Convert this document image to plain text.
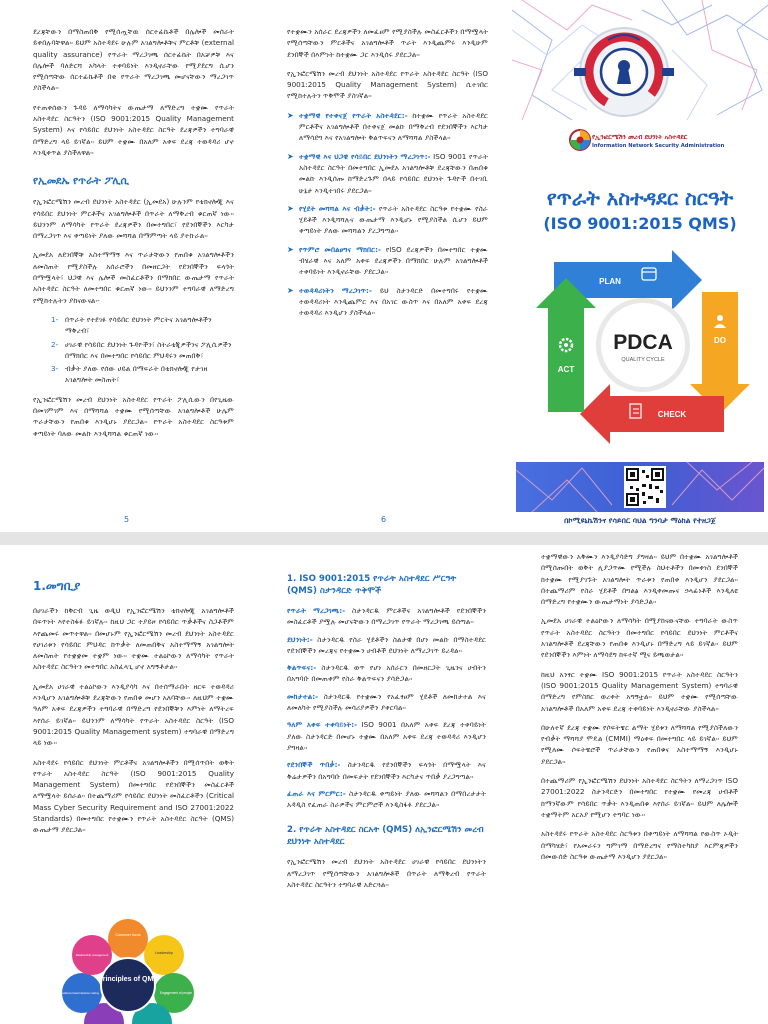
ደረጃቸውን በማስጠበቅ የሚሰጧቸዉ ሰርተፊኬቶች በሌሎች መሰራት ይቀበሉባቸዋል፡፡ ይህም አስተዳደሩ ሁሉም አገልግሎቶቹና ምርቶቹ (external quality assurance) የጥራት ማረጋገጫ ሰርተፊኬት በአቻዎቹ እና በሌሎች ባለድርሻ አካላት ተቀባይነት እንዲኖራቸው የሚያደርግ ሲሆን የሚሰጣቸው ሰርተፊኬቶች በቂ የጥራት ማረጋገጫ መሆናቸውን ማረጋገጥ ያስችላል፡፡

የተጠቀሰውን ጉዳይ ለማሳካትና ውጤታማ ለማድረግ ተቋሙ የጥራት አስተዳደር ስርዓትን (ISO 9001:2015 Quality Management System) እና የሳይበር ደህንነት አስተዳደር ስርዓት ደረጃዎችን ተግባራዊ በማድረግ ላይ ይገኛል፡፡ ይህም ተቋሙ በአለም አቀፍ ደረጃ ተወዳዳሪ ሆኖ እንዲቀጥል ያስችለዋል፡፡

የኢመደኤ የጥራት ፖሊሲ

የኢንፎርሜሽን መረብ ደህንነት አስተዳደር (ኢመደአ) ሁሉንም የቴክኖሎጂ እና የሳይበር ደህንነት ምርቶችና አገልግሎቶች በጥራት ለማቅረብ ቁርጠኛ ነው፡፡ ይህንንም ለማሳካት የጥራት ደረጃዎችን በመተግበር፣ የደንበኞችን እርካታ በማረጋገጥ እና ቀጣይነት ያለው መሻሻል በማምጣት ላይ ያተኩራል፡፡

ኢመደአ ለደንበኞቹ አስተማማኝ እና ጥራታቸውን የጠበቁ አገልግሎቶችን ለመስጠት የሚያስችሉ አሰራሮችን በመዘርጋት የደንበኞችን ፍላጎት በማሟላት፣ ህጋዊ እና ሌሎች መስፈርቶችን በማክበር ውጤታማ የጥራት አስተዳደር ስርዓት ለመተግበር ቁርጠኛ ነው፡፡ ይህንንም ተግባራዊ ለማድረግ የሚከተሉትን ያከናውናል፡-

1- በጥራት የተደገፉ የሳይበር ደህንነት ምርትና አገልግሎቶችን ማቅረብ፣
2- ሀገራዊ የሳይበር ደህንነት ጉዳዮችን፣ ስትራቴጂዎችንና ፖሊሲዎችን በማክበር እና በመተግበር የሳይበር ምህዳሩን መጠበቅ፣
3- ብቃት ያለው የሰው ሀይል በማፍራት በቴክኖሎጂ የታገዘ አገልግሎት መስጠት፣

የኢንፎርሜሽን መረብ ደህንነት አስተዳደር የጥራት ፖሊሲውን በየጊዜው በመገምገም እና በማሻሻል ተቋሙ የሚሰጣቸው አገልግሎቶች ሁሌም ጥራታቸውን የጠበቁ እንዲሆኑ ያደርጋል፡፡ የጥራት አስተዳደር ስርዓቱም ቀጣይነት ባለው መልኩ እንዲሻሻል ቁርጠኛ ነው፡፡

5

የተቋሙን አሰራር ደረጃዎችን ለመፈፀም የሚያስችሉ መስፈርቶችን በማሟላት የሚሰጣቸውን ምርቶችና አገልግሎቶች ጥራት እንዲጨምሩ እንዲሁም ደንበኞች በእምነት ከተቋሙ ጋር እንዲሰሩ ያደርጋል፡፡

የኢንፎርሜሽን መረብ ደህንነት አስተዳደር የጥራት አስተዳደር ስርዓት (ISO 9001:2015 Quality Management System) ሲተገበር የሚከተሉትን ጥቅሞች ያስገኛል፡፡

➤ ተቋማዊ የተቀናጀ የጥራት አስተዳደር:- ከተቋሙ የጥራት አስተዳደር ምርቶችና አገልግሎቶች በተቀናጀ መልኩ በማቅረብ የደንበኞችን እርካታ ለማሳደግ እና የአገልግሎት ቅልጥፍናን ለማሻሻል ያስችላል፡፡
➤ ተቋማዊ እና ህጋዊ የሳይበር ደህንነትን ማረጋገጥ:- ISO 9001 የጥራት አስተዳደር ስርዓት በመተግበር ኢመደአ አገልግሎቶቹ ደረጃቸውን በጠበቁ መልኩ እንዲሰጡ ከማድረጉም በላይ የሳይበር ደህንነት ጉዳዮች በተገቢ ሁኔታ እንዲተገበሩ ያደርጋል፡፡
➤ የሂደት መሻሻል እና ብቃት:- የጥራት አስተዳደር ስርዓቱ የተቋሙ የስራ ሂደቶች እንዲሻሻሉና ውጤታማ እንዲሆኑ የሚያስችል ሲሆን ይህም ቀጣይነት ያለው መሻሻልን ያረጋግጣል፡፡
➤ የጥምሮ መበልፀግና ማክበር:- የISO ደረጃዎችን በመተግበር ተቋሙ ብሄራዊ እና አለም አቀፍ ደረጃዎችን በማክበር ሁሉም አገልግሎቶች ተቀባይነት እንዲኖራቸው ያደርጋል፡፡
➤ ተወዳዳሪነትን ማረጋገጥ:- ይህ ስታንዳርድ በመተግበሩ የተቋሙ ተወዳዳሪነት እንዲጨምር እና በአገር ውስጥ እና በአለም አቀፍ ደረጃ ተወዳዳሪ እንዲሆን ያስችላል፡፡
6
PDCA
QUALITY CYCLE
PLAN
DO
CHECK
ACT
የኢንፎርሜሽን መረብ ደህንነት አስተዳደር
Information Network Security Administration
የጥራት አስተዳደር ስርዓት
(ISO 9001:2015 QMS)
በኮሚዩኒኬሽንና የሳይበር ባህል ግንባታ ማዕከል የተዘጋጀ
1.መግቢያ

በሀገራችን ከቅርብ ጊዜ ወዲህ የኢንፎርሜሽን ቴክኖሎጂ አገልግሎቶች በፍጥነት እየተስፋፉ ይገኛሉ፡፡ ከዚህ ጋር ተያይዞ የሳይበር ጥቃቶችና ስጋቶችም እየጨመሩ መጥተዋል፡፡ በመሆኑም የኢንፎርሜሽን መረብ ደህንነት አስተዳደር የሀገሪቱን የሳይበር ምህዳር ከጥቃት ለመጠበቅና አስተማማኝ አገልግሎት ለመስጠት የተቋቋመ ተቋም ነው፡፡ ተቋሙ ተልዕኮውን ለማሳካት የጥራት አስተዳደር ስርዓትን መተግበር አስፈላጊ ሆኖ አግኝቶታል፡፡

ኢመደአ ሀገራዊ ተልዕኮውን እንዲያሳካ እና በተሰማራበት ዘርፍ ተወዳዳሪ እንዲሆን አገልግሎቶቹ ደረጃቸውን የጠበቁ መሆን አለባቸው፡፡ ለዚህም ተቋሙ ዓለም አቀፍ ደረጃዎችን ተግባራዊ በማድረግ የደንበኞቹን እምነት ለማትረፍ እየሰራ ይገኛል፡፡ ይህንንም ለማሳካት የጥራት አስተዳደር ስርዓት (ISO 9001:2015 Quality Management system) ተግባራዊ በማድረግ ላይ ነው፡፡

አስተዳደሩ የሳይበር ደህንነት ምርቶችና አገልግሎቶችን በሚሰጥበት ወቅት የጥራት አስተዳደር ስርዓት (ISO 9001:2015 Quality Management System) በመተግበር የደንበኞችን መስፈርቶች ለማሟላት ይሰራል፡፡ በተጨማሪም የሳይበር ደህንነት መስፈርቶችን (Critical Mass Cyber Security Requirement and ISO 27001:2022 Standards) በመተግበር የተቋሙን የጥራት አስተዳደር ስርዓት (QMS) ውጤታማ ያደርጋል፡፡

Principles of QMS
Customer focus
Leadership
Engagement of people
Evidence based decision making
Relationship management
1. ISO 9001:2015 የጥራት አስተዳደር ሥርዓት (QMS) ስታንዳርድ ጥቅሞች

የጥራት ማረጋገጫ:- ስታንዳርዱ ምርቶችና አገልግሎቶች የደንበኞችን መስፈርቶች ያሟሉ መሆናቸውን በማረጋገጥ የጥራት ማረጋገጫ ይሰጣል፡፡

ደህንነት:- ስታንዳርዱ የስራ ሂደቶችን ስልታዊ በሆነ መልኩ በማስተዳደር የደንበኞችን መረጃና የተቋሙን ሀብቶች ደህንነት ለማረጋገጥ ይረዳል፡፡

ቅልጥፍና:- ስታንዳርዱ ወጥ የሆነ አሰራርን በመዘርጋት ጊዜንና ሀብትን በአግባቡ በመጠቀም የስራ ቅልጥፍናን ያሳድጋል፡፡

መከታተል:- ስታንዳርዱ የተቋሙን የአፈፃፀም ሂደቶች ለመከታተል እና ለመለካት የሚያስችሉ መሳሪያዎችን ያቀርባል፡፡

ዓለም አቀፍ ተቀባይነት:- ISO 9001 በአለም አቀፍ ደረጃ ተቀባይነት ያለው ስታንዳርድ በመሆኑ ተቋሙ በአለም አቀፍ ደረጃ ተወዳዳሪ እንዲሆን ያግዛል፡፡

የደንበኞች ጥበቃ:- ስታንዳርዱ የደንበኞችን ፍላጎት በማሟላት እና ቅሬታዎችን በአግባቡ በመፍታት የደንበኞችን እርካታና ጥበቃ ያረጋግጣል፡፡

ፈጠራ እና ምርምር:- ስታንዳርዱ ቀጣይነት ያለው መሻሻልን በማበረታታት አዳዲስ የፈጠራ ስራዎችና ምርምሮች እንዲስፋፉ ያደርጋል፡፡

2. የጥራት አስተዳደር ስርአት (QMS) ለኢንፎርሜሽን መረብ ደህንነት አስተዳደር

የኢንፎርሜሽን መረብ ደህንነት አስተዳደር ሀገራዊ የሳይበር ደህንነትን ለማረጋገጥ የሚሰጣቸውን አገልግሎቶች በጥራት ለማቅረብ የጥራት አስተዳደር ስርዓትን ተግባራዊ አድርጓል፡፡

ተቋማዊውን አቅሙን እንዲያሳድግ ያግዛል፡፡ ይህም በተቋሙ አገልግሎቶች በሚሰጡበት ወቅት ሊያጋጥሙ የሚችሉ ስህተቶችን በመቀነስ ደንበኞች ከተቋሙ የሚያገኙት አገልግሎት ጥራቱን የጠበቀ እንዲሆን ያደርጋል፡፡ በተጨማሪም የስራ ሂደቶች በግልፅ እንዲቀመጡና ኃላፊነቶች እንዲለዩ በማድረግ የተቋሙን ውጤታማነት ያሳድጋል፡፡

ኢመደአ ሀገራዊ ተልዕኮውን ለማሳካት በሚያከናውናቸው ተግባራት ውስጥ የጥራት አስተዳደር ስርዓትን በመተግበር የሳይበር ደህንነት ምርቶችና አገልግሎቶች ደረጃቸውን የጠበቁ እንዲሆኑ በማድረግ ላይ ይገኛል፡፡ ይህም የደንበኞችን እምነት ለማሳደግ ከፍተኛ ሚና ይጫወታል፡፡

ከዚህ አንፃር ተቋሙ ISO 9001:2015 የጥራት አስተዳደር ስርዓትን (ISO 9001:2015 Quality Management System) ተግባራዊ በማድረግ የምስክር ወረቀት አግኝቷል፡፡ ይህም ተቋሙ የሚሰጣቸው አገልግሎቶች በአለም አቀፍ ደረጃ ተቀባይነት እንዲኖራቸው ያስችላል፡፡

በሁለተኛ ደረጃ ተቋሙ የሶፍትዌር ልማት ሂደቱን ለማሻሻል የሚያስችለውን የብቃት ማሻሻያ ሞዴል (CMMI) ማዕቀፍ በመተግበር ላይ ይገኛል፡፡ ይህም የሚለሙ ሶፍትዌሮች ጥራታቸውን የጠበቁና አስተማማኝ እንዲሆኑ ያደርጋል፡፡

በተጨማሪም የኢንፎርሜሽን ደህንነት አስተዳደር ስርዓትን ለማረጋገጥ ISO 27001:2022 ስታንዳርድን በመተግበር የተቋሙ የመረጃ ሀብቶች ከማንኛውም የሳይበር ጥቃት እንዲጠበቁ እየሰራ ይገኛል፡፡ ይህም ለሌሎች ተቋማትም አርአያ የሚሆን ተግባር ነው፡፡

አስተዳደሩ የጥራት አስተዳደር ስርዓቱን በቀጣይነት ለማሻሻል የውስጥ ኦዲት በማካሄድ፣ የአመራሩን ግምገማ በማድረግና የማስተካከያ እርምጃዎችን በመውሰድ ስርዓቱ ውጤታማ እንዲሆን ያደርጋል፡፡
